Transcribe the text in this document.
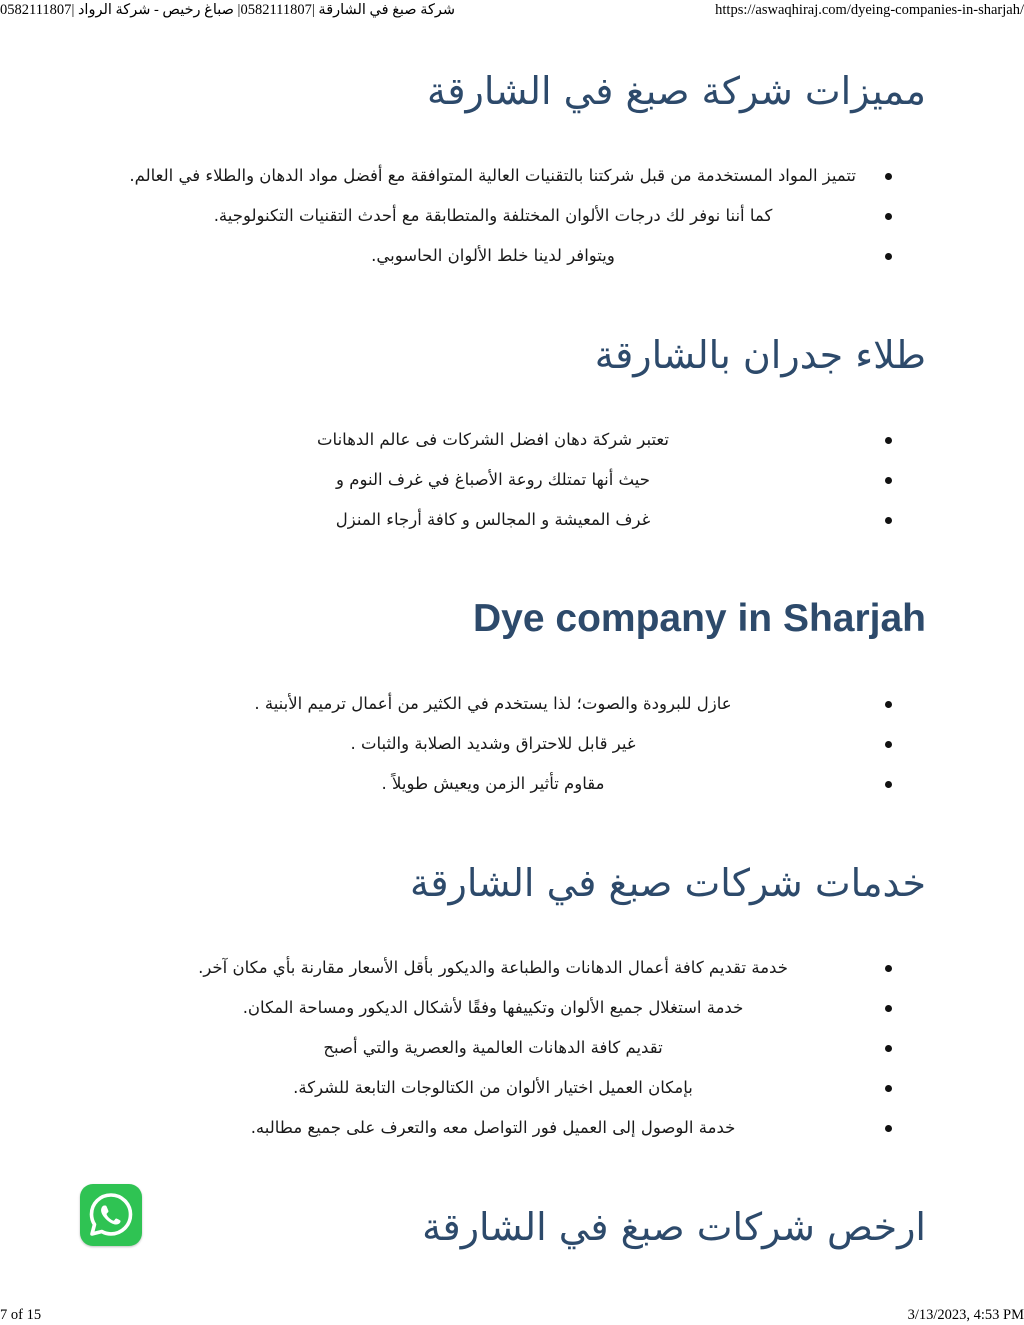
شركة صبغ في الشارقة |0582111807| صباغ رخيص - شركة الرواد |0582111807	https://aswaqhiraj.com/dyeing-companies-in-sharjah/
مميزات شركة صبغ في الشارقة
تتميز المواد المستخدمة من قبل شركتنا بالتقنيات العالية المتوافقة مع أفضل مواد الدهان والطلاء في العالم.
كما أننا نوفر لك درجات الألوان المختلفة والمتطابقة مع أحدث التقنيات التكنولوجية.
ويتوافر لدينا خلط الألوان الحاسوبي.
طلاء جدران بالشارقة
تعتبر شركة دهان افضل الشركات فى عالم الدهانات
حيث أنها تمتلك روعة الأصباغ في غرف النوم و
غرف المعيشة و المجالس و كافة أرجاء المنزل
Dye company in Sharjah
عازل للبرودة والصوت؛ لذا يستخدم في الكثير من أعمال ترميم الأبنية .
غير قابل للاحتراق وشديد الصلابة والثبات .
مقاوم تأثير الزمن ويعيش طويلاً .
خدمات شركات صبغ في الشارقة
خدمة تقديم كافة أعمال الدهانات والطباعة والديكور بأقل الأسعار مقارنة بأي مكان آخر.
خدمة استغلال جميع الألوان وتكييفها وفقًا لأشكال الديكور ومساحة المكان.
تقديم كافة الدهانات العالمية والعصرية والتي أصبح
بإمكان العميل اختيار الألوان من الكتالوجات التابعة للشركة.
خدمة الوصول إلى العميل فور التواصل معه والتعرف على جميع مطالبه.
ارخص شركات صبغ في الشارقة
7 of 15	3/13/2023, 4:53 PM
